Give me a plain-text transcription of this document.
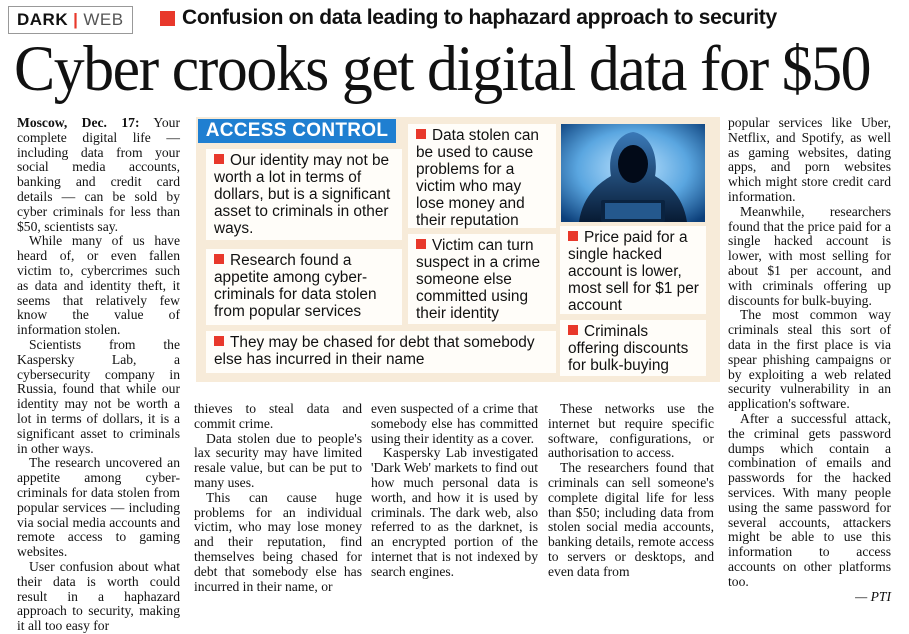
DARK | WEB	Confusion on data leading to haphazard approach to security
Cyber crooks get digital data for $50

Moscow, Dec. 17: Your complete digital life — including data from your social media accounts, banking and credit card details — can be sold by cyber criminals for less than $50, scientists say.

While many of us have heard of, or even fallen victim to, cybercrimes such as data and identity theft, it seems that relatively few know the value of information stolen.

Scientists from the Kaspersky Lab, a cybersecurity company in Russia, found that while our identity may not be worth a lot in terms of dollars, it is a significant asset to criminals in other ways.

The research uncovered an appetite among cyber-criminals for data stolen from popular services — including via social media accounts and remote access to gaming websites.

User confusion about what their data is worth could result in a haphazard approach to security, making it all too easy for

ACCESS CONTROL
Our identity may not be worth a lot in terms of dollars, but is a significant asset to criminals in other ways.
Research found a appetite among cyber-criminals for data stolen from popular services
They may be chased for debt that somebody else has incurred in their name
Data stolen can be used to cause problems for a victim who may lose money and their reputation
Victim can turn suspect in a crime someone else committed using their identity
Price paid for a single hacked account is lower, most sell for $1 per account
Criminals offering discounts for bulk-buying

thieves to steal data and commit crime.

Data stolen due to people's lax security may have limited resale value, but can be put to many uses.

This can cause huge problems for an individual victim, who may lose money and their reputation, find themselves being chased for debt that somebody else has incurred in their name, or

even suspected of a crime that somebody else has committed using their identity as a cover.

Kaspersky Lab investigated 'Dark Web' markets to find out how much personal data is worth, and how it is used by criminals. The dark web, also referred to as the darknet, is an encrypted portion of the internet that is not indexed by search engines.

These networks use the internet but require specific software, configurations, or authorisation to access.

The researchers found that criminals can sell someone's complete digital life for less than $50; including data from stolen social media accounts, banking details, remote access to servers or desktops, and even data from

popular services like Uber, Netflix, and Spotify, as well as gaming websites, dating apps, and porn websites which might store credit card information.

Meanwhile, researchers found that the price paid for a single hacked account is lower, with most selling for about $1 per account, and with criminals offering up discounts for bulk-buying.

The most common way criminals steal this sort of data in the first place is via spear phishing campaigns or by exploiting a web related security vulnerability in an application's software.

After a successful attack, the criminal gets password dumps which contain a combination of emails and passwords for the hacked services. With many people using the same password for several accounts, attackers might be able to use this information to access accounts on other platforms too.

— PTI
